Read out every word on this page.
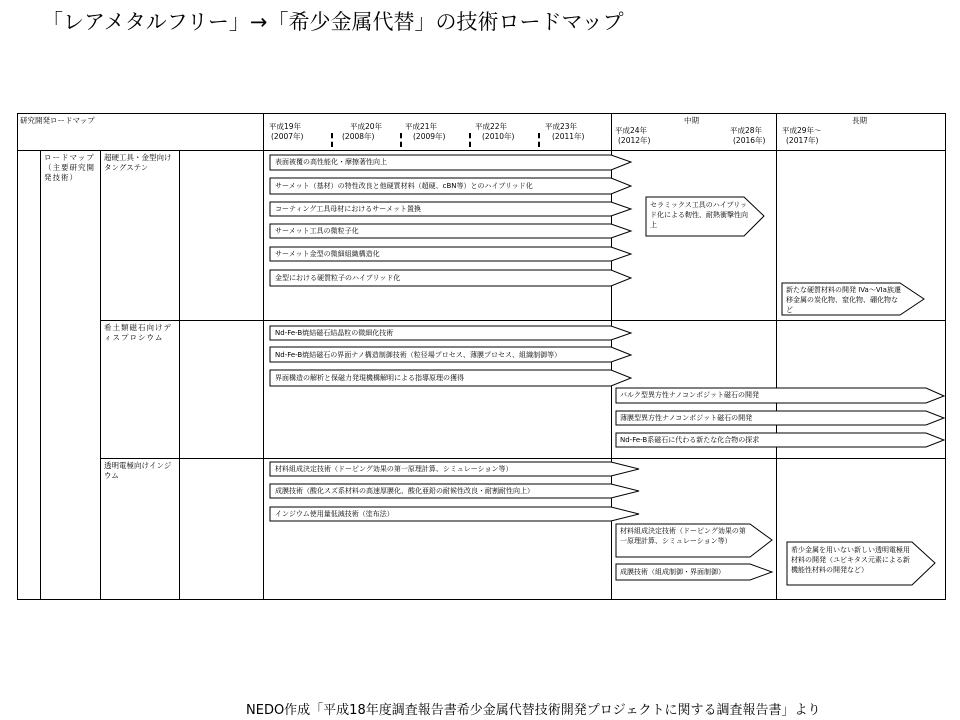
「レアメタルフリー」→「希少金属代替」の技術ロードマップ
研究開発ロードマップ
平成19年
(2007年)
平成20年
(2008年)
平成21年
(2009年)
平成22年
(2010年)
平成23年
(2011年)
中期
平成24年
(2012年)
平成28年
(2016年)
長期
平成29年～
(2017年)
ロードマップ（主要研究開発技術）
超硬工具・金型向けタングステン
希土類磁石向けディスプロシウム
透明電極向けインジウム
表面被覆の高性能化・摩擦著性向上
サーメット（基材）の特性改良と他硬質材料（超硬、cBN等）とのハイブリッド化
コーティング工具母材におけるサーメット置換
サーメット工具の微粒子化
サーメット金型の微細組織構造化
金型における硬質粒子のハイブリッド化
セラミックス工具のハイブリッド化による靭性、耐熱衝撃性向上
新たな硬質材料の開発 IVa～VIa族遷移金属の炭化物、窒化物、硼化物など
Nd-Fe-B焼結磁石結晶粒の微細化技術
Nd-Fe-B焼結磁石の界面ナノ構造制御技術（粒径場プロセス、薄膜プロセス、組織制御等）
界面構造の解析と保磁力発現機構解明による指導原理の獲得
バルク型異方性ナノコンポジット磁石の開発
薄膜型異方性ナノコンポジット磁石の開発
Nd-Fe-B系磁石に代わる新たな化合物の探求
材料組成決定技術（ドーピング効果の第一原理計算、シミュレーション等）
成膜技術（酸化スズ系材料の高速厚膜化、酸化亜鉛の耐候性改良・耐割耐性向上）
インジウム使用量低減技術（塗布法）
材料組成決定技術（ドーピング効果の第一原理計算、シミュレーション等）
成膜技術（組成制御・界面制御）
希少金属を用いない新しい透明電極用材料の開発（ユビキタス元素による新機能性材料の開発など）
NEDO作成「平成18年度調査報告書希少金属代替技術開発プロジェクトに関する調査報告書」より
